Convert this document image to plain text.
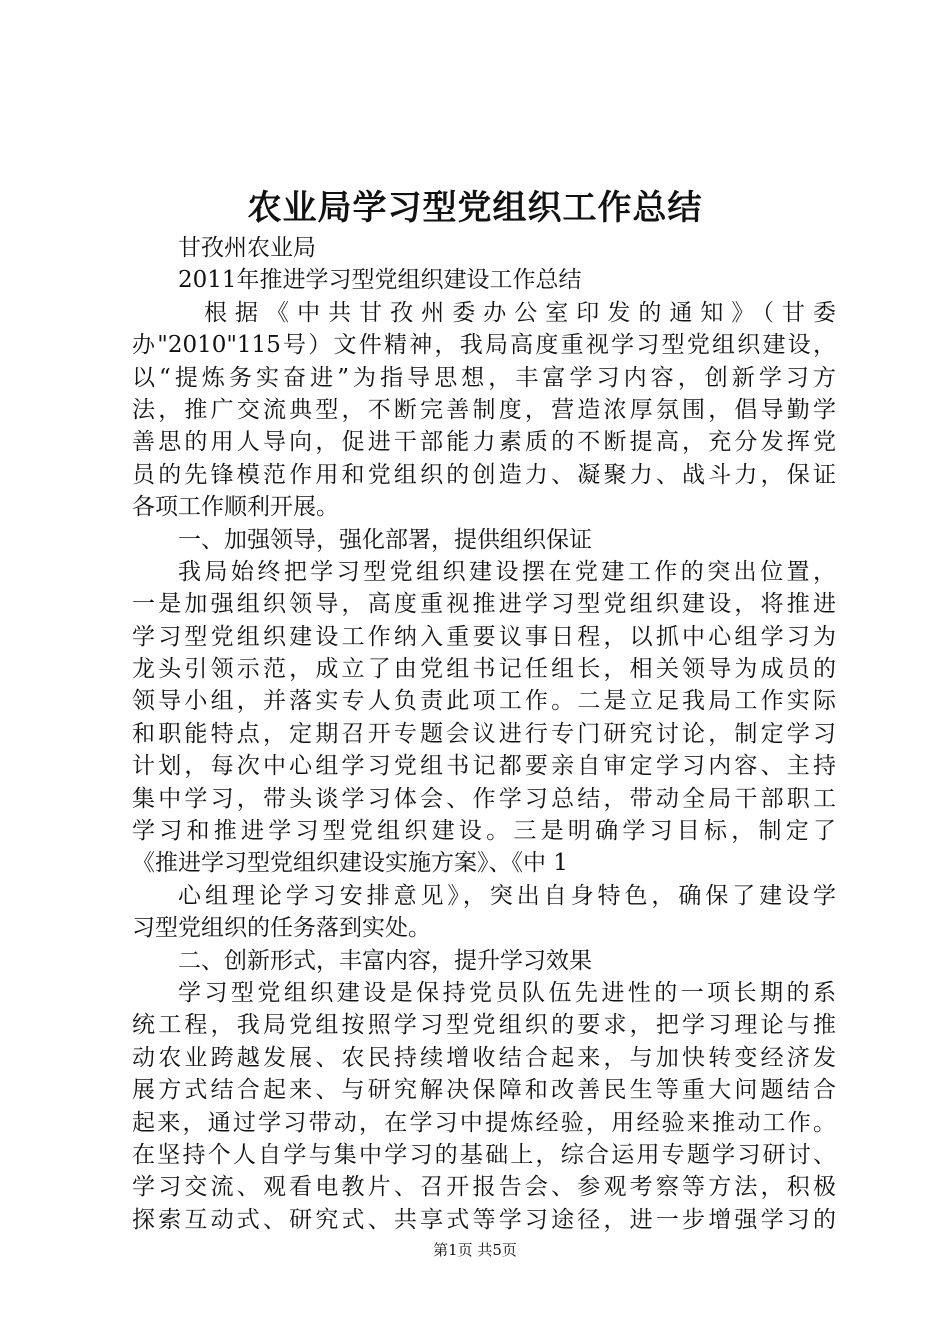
农业局学习型党组织工作总结
甘孜州农业局
2011年推进学习型党组织建设工作总结
根据《中共甘孜州委办公室印发的通知》（甘委
办"2010"115号）文件精神，我局高度重视学习型党组织建设，
以“提炼务实奋进”为指导思想，丰富学习内容，创新学习方
法，推广交流典型，不断完善制度，营造浓厚氛围，倡导勤学
善思的用人导向，促进干部能力素质的不断提高，充分发挥党
员的先锋模范作用和党组织的创造力、凝聚力、战斗力，保证
各项工作顺利开展。
一、加强领导，强化部署，提供组织保证
我局始终把学习型党组织建设摆在党建工作的突出位置，
一是加强组织领导，高度重视推进学习型党组织建设，将推进
学习型党组织建设工作纳入重要议事日程，以抓中心组学习为
龙头引领示范，成立了由党组书记任组长，相关领导为成员的
领导小组，并落实专人负责此项工作。二是立足我局工作实际
和职能特点，定期召开专题会议进行专门研究讨论，制定学习
计划，每次中心组学习党组书记都要亲自审定学习内容、主持
集中学习，带头谈学习体会、作学习总结，带动全局干部职工
学习和推进学习型党组织建设。三是明确学习目标，制定了
《推进学习型党组织建设实施方案》、《中 1
心组理论学习安排意见》，突出自身特色，确保了建设学
习型党组织的任务落到实处。
二、创新形式，丰富内容，提升学习效果
学习型党组织建设是保持党员队伍先进性的一项长期的系
统工程，我局党组按照学习型党组织的要求，把学习理论与推
动农业跨越发展、农民持续增收结合起来，与加快转变经济发
展方式结合起来、与研究解决保障和改善民生等重大问题结合
起来，通过学习带动，在学习中提炼经验，用经验来推动工作。
在坚持个人自学与集中学习的基础上，综合运用专题学习研讨、
学习交流、观看电教片、召开报告会、参观考察等方法，积极
探索互动式、研究式、共享式等学习途径，进一步增强学习的
第1页 共5页
